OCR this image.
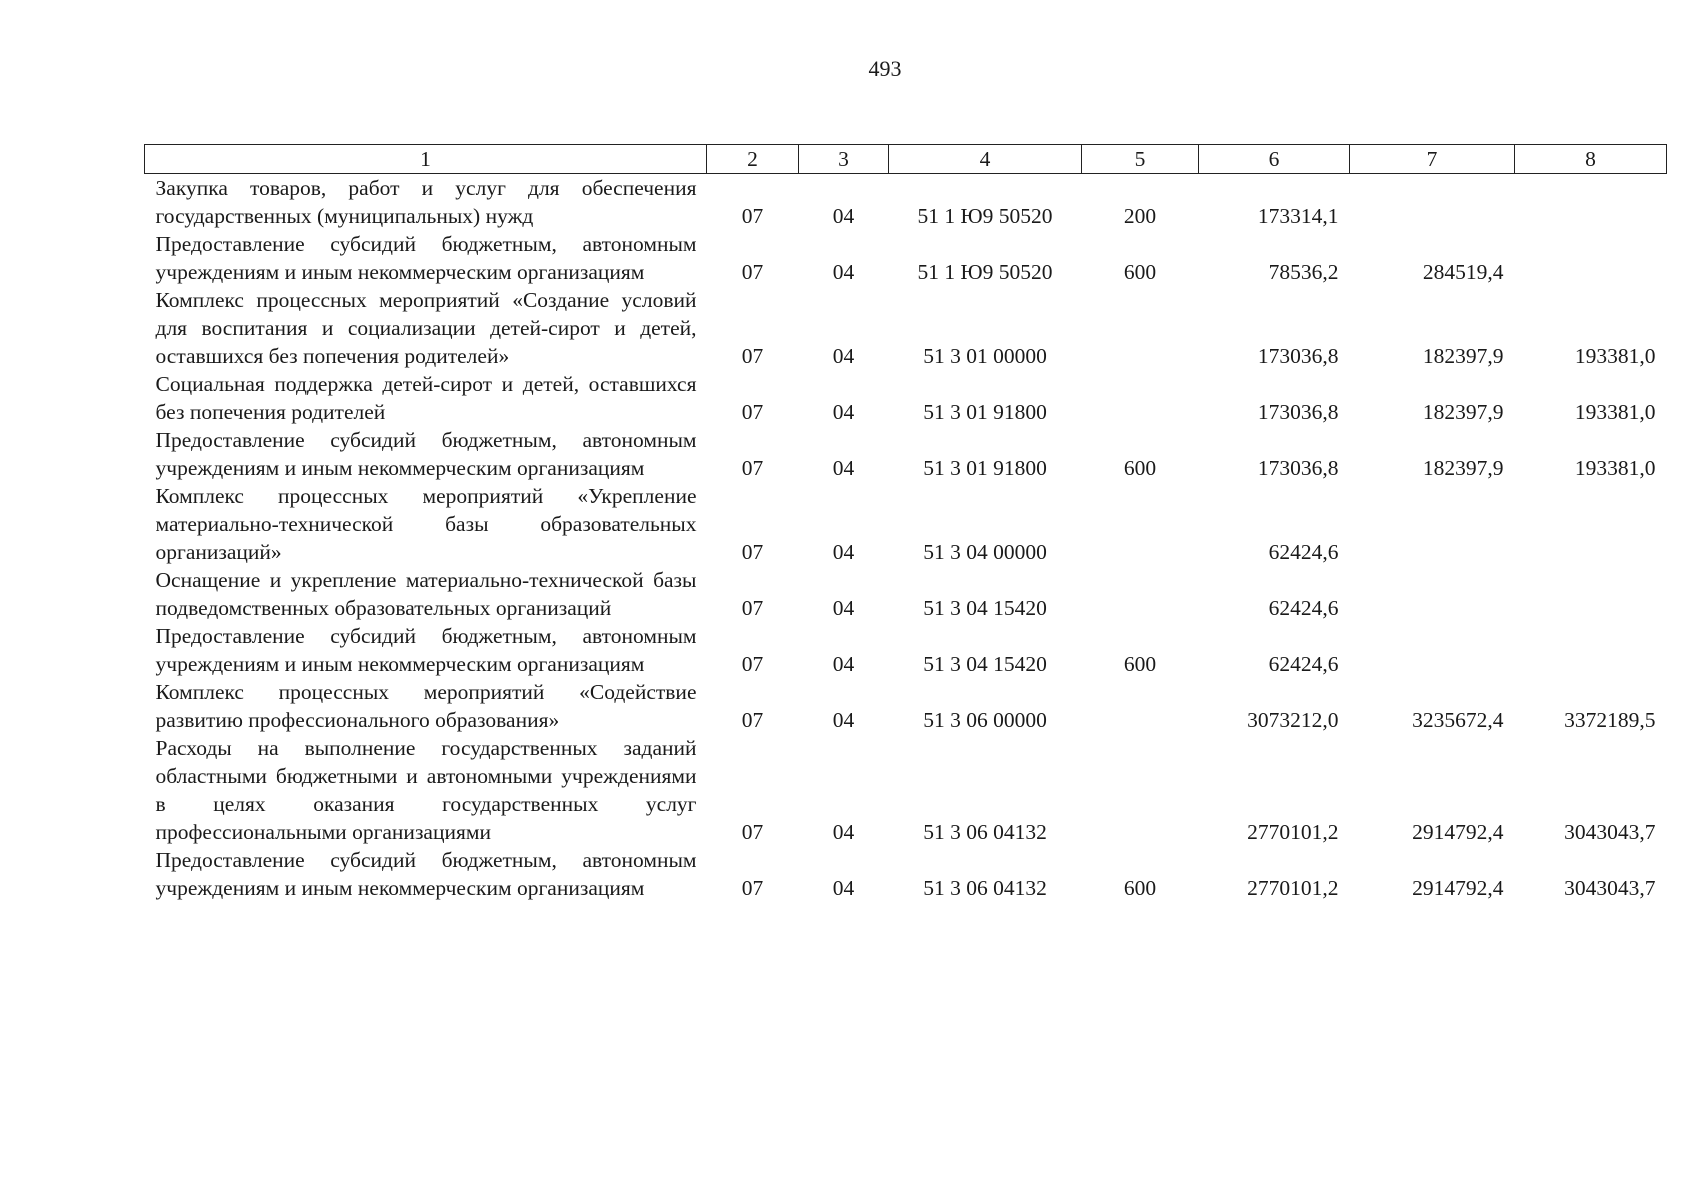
493
1	2	3	4	5	6	7	8
Закупка товаров, работ и услуг для обеспечения государственных (муниципальных) нужд	07	04	51 1 Ю9 50520	200	173314,1		
Предоставление субсидий бюджетным, автономным учреждениям и иным некоммерческим организациям	07	04	51 1 Ю9 50520	600	78536,2	284519,4	
Комплекс процессных мероприятий «Создание условий для воспитания и социализации детей-сирот и детей, оставшихся без попечения родителей»	07	04	51 3 01 00000		173036,8	182397,9	193381,0
Социальная поддержка детей-сирот и детей, оставшихся без попечения родителей	07	04	51 3 01 91800		173036,8	182397,9	193381,0
Предоставление субсидий бюджетным, автономным учреждениям и иным некоммерческим организациям	07	04	51 3 01 91800	600	173036,8	182397,9	193381,0
Комплекс процессных мероприятий «Укрепление материально-технической базы образовательных организаций»	07	04	51 3 04 00000		62424,6		
Оснащение и укрепление материально-технической базы подведомственных образовательных организаций	07	04	51 3 04 15420		62424,6		
Предоставление субсидий бюджетным, автономным учреждениям и иным некоммерческим организациям	07	04	51 3 04 15420	600	62424,6		
Комплекс процессных мероприятий «Содействие развитию профессионального образования»	07	04	51 3 06 00000		3073212,0	3235672,4	3372189,5
Расходы на выполнение государственных заданий областными бюджетными и автономными учреждениями в целях оказания государственных услуг профессиональными организациями	07	04	51 3 06 04132		2770101,2	2914792,4	3043043,7
Предоставление субсидий бюджетным, автономным учреждениям и иным некоммерческим организациям	07	04	51 3 06 04132	600	2770101,2	2914792,4	3043043,7
